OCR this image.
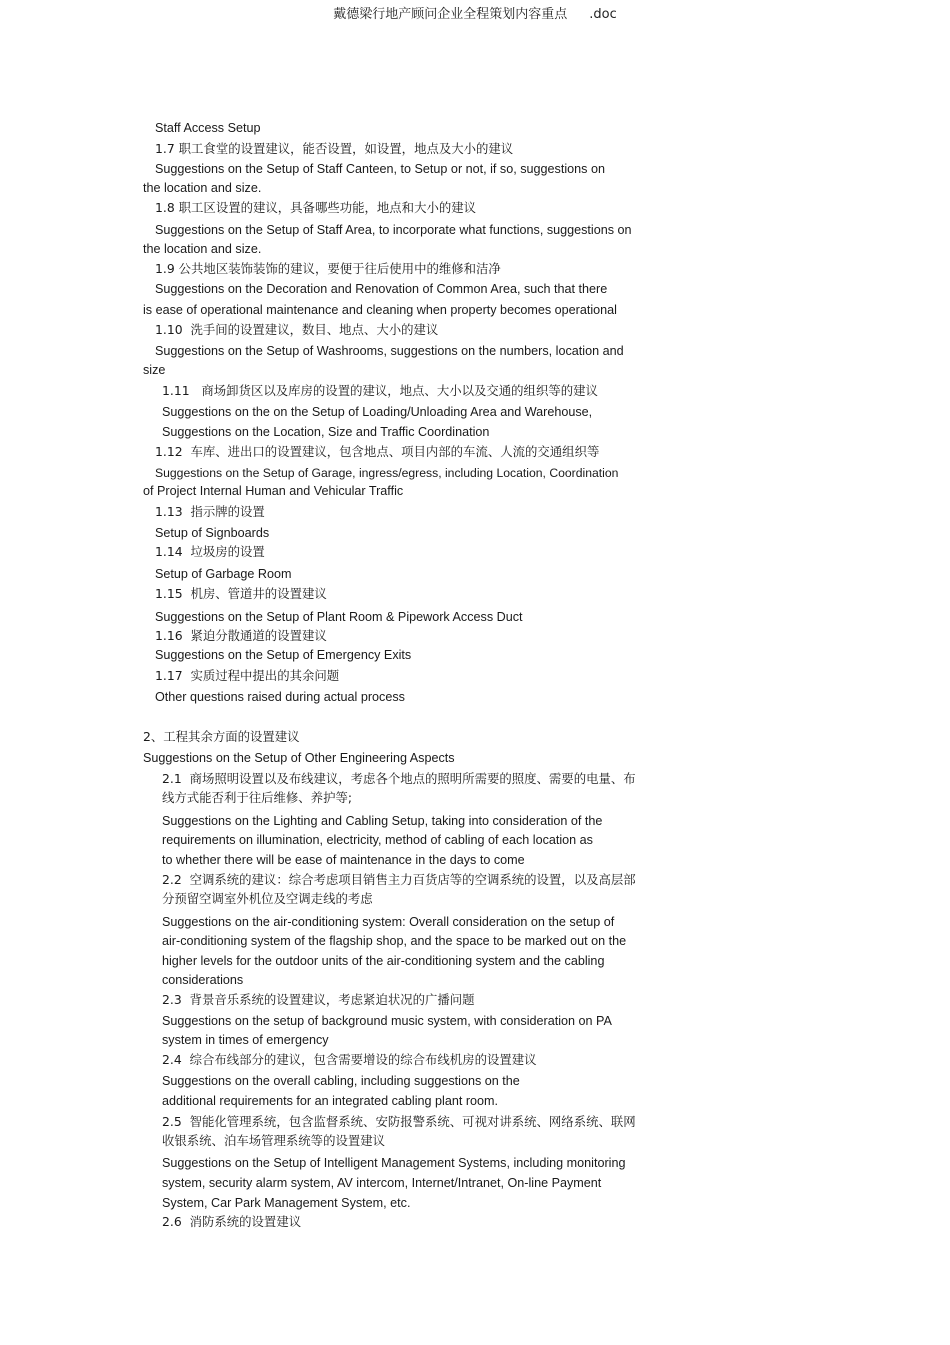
戴德梁行地产顾问企业全程策划内容重点 .doc
Staff Access Setup
1.7 职工食堂的设置建议，能否设置，如设置，地点及大小的建议
Suggestions on the Setup of Staff Canteen, to Setup or not, if so, suggestions on
the location and size.
1.8 职工区设置的建议，具备哪些功能，地点和大小的建议
Suggestions on the Setup of Staff Area, to incorporate what functions, suggestions on
the location and size.
1.9 公共地区装饰装饰的建议，要便于往后使用中的维修和洁净
Suggestions on the Decoration and Renovation of Common Area, such that there
is ease of operational maintenance and cleaning when property becomes operational
1.10  洗手间的设置建议，数目、地点、大小的建议
Suggestions on the Setup of Washrooms, suggestions on the numbers, location and
size
1.11   商场卸货区以及库房的设置的建议，地点、大小以及交通的组织等的建议
Suggestions on the on the Setup of Loading/Unloading Area and Warehouse,
Suggestions on the Location, Size and Traffic Coordination
1.12  车库、进出口的设置建议，包含地点、项目内部的车流、人流的交通组织等
Suggestions on the Setup of Garage, ingress/egress, including Location, Coordination
of Project Internal Human and Vehicular Traffic
1.13  指示牌的设置
Setup of Signboards
1.14  垃圾房的设置
Setup of Garbage Room
1.15  机房、管道井的设置建议
Suggestions on the Setup of Plant Room & Pipework Access Duct
1.16  紧迫分散通道的设置建议
Suggestions on the Setup of Emergency Exits
1.17  实质过程中提出的其余问题
Other questions raised during actual process
2、工程其余方面的设置建议
Suggestions on the Setup of Other Engineering Aspects
2.1  商场照明设置以及布线建议，考虑各个地点的照明所需要的照度、需要的电量、布
线方式能否利于往后维修、养护等;
Suggestions on the Lighting and Cabling Setup, taking into consideration of the
requirements on illumination, electricity, method of cabling of each location as
to whether there will be ease of maintenance in the days to come
2.2  空调系统的建议：综合考虑项目销售主力百货店等的空调系统的设置，以及高层部
分预留空调室外机位及空调走线的考虑
Suggestions on the air-conditioning system: Overall consideration on the setup of
air-conditioning system of the flagship shop, and the space to be marked out on the
higher levels for the outdoor units of the air-conditioning system and the cabling
considerations
2.3  背景音乐系统的设置建议，考虑紧迫状况的广播问题
Suggestions on the setup of background music system, with consideration on PA
system in times of emergency
2.4  综合布线部分的建议，包含需要增设的综合布线机房的设置建议
Suggestions on the overall cabling, including suggestions on the
additional requirements for an integrated cabling plant room.
2.5  智能化管理系统，包含监督系统、安防报警系统、可视对讲系统、网络系统、联网
收银系统、泊车场管理系统等的设置建议
Suggestions on the Setup of Intelligent Management Systems, including monitoring
system, security alarm system, AV intercom, Internet/Intranet, On-line Payment
System, Car Park Management System, etc.
2.6  消防系统的设置建议
